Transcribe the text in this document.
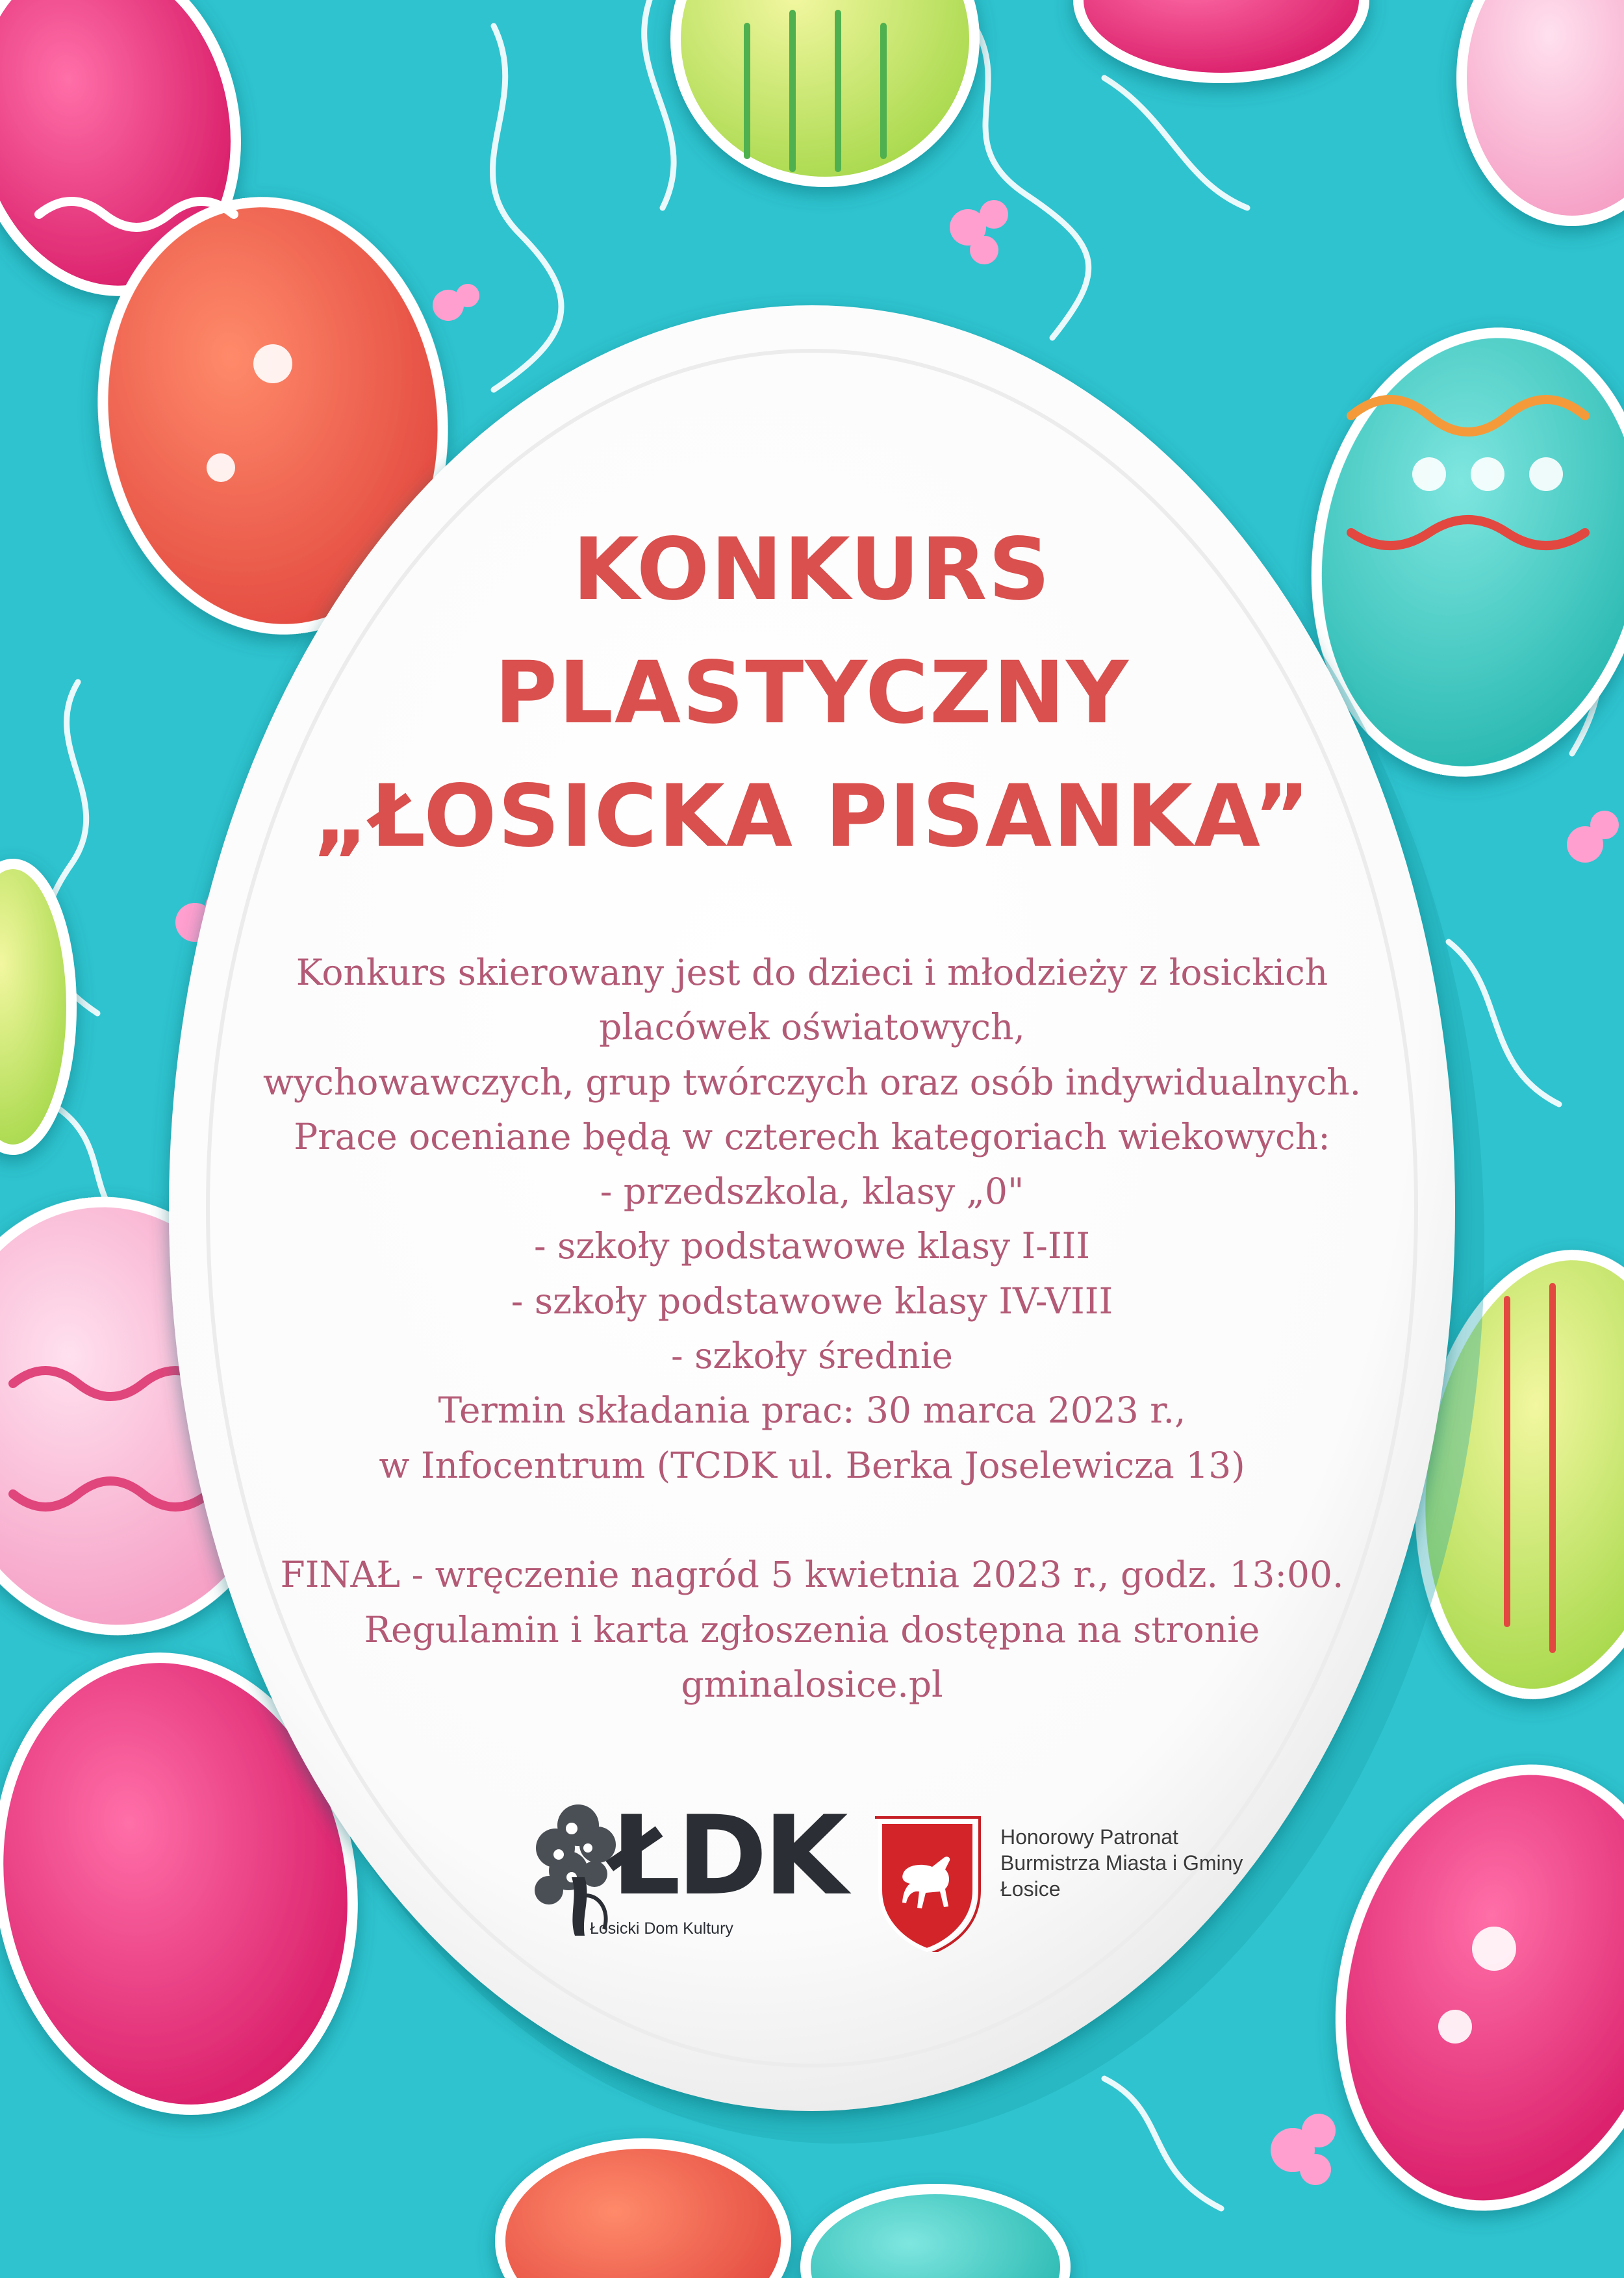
KONKURS
PLASTYCZNY
„ŁOSICKA PISANKA”
Konkurs skierowany jest do dzieci i młodzieży z łosickich
placówek oświatowych,
wychowawczych, grup twórczych oraz osób indywidualnych.
Prace oceniane będą w czterech kategoriach wiekowych:
- przedszkola, klasy „0"
- szkoły podstawowe klasy I-III
- szkoły podstawowe klasy IV-VIII
- szkoły średnie
Termin składania prac: 30 marca 2023 r.,
w Infocentrum (TCDK ul. Berka Joselewicza 13)
FINAŁ - wręczenie nagród 5 kwietnia 2023 r., godz. 13:00.
Regulamin i karta zgłoszenia dostępna na stronie
gminalosice.pl
ŁDK
Łosicki Dom Kultury
Honorowy Patronat
Burmistrza Miasta i Gminy
Łosice
